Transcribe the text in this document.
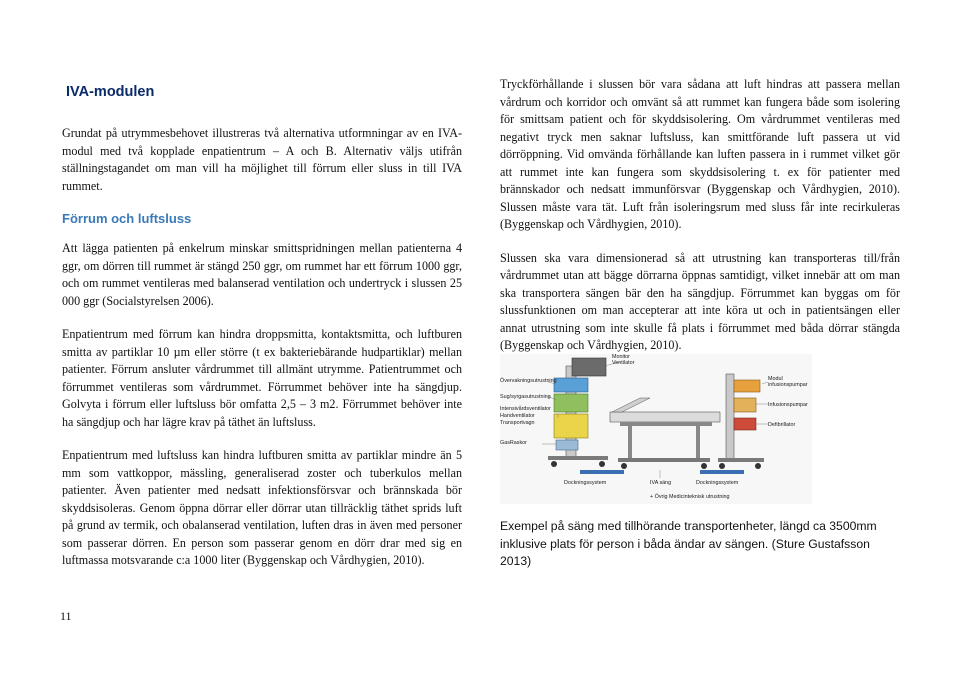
IVA-modulen

Grundat på utrymmesbehovet illustreras två alternativa utformningar av en IVA-modul med två kopplade enpatientrum – A och B. Alternativ väljs utifrån ställningstagandet om man vill ha möjlighet till förrum eller sluss in till IVA rummet.

Förrum och luftsluss

Att lägga patienten på enkelrum minskar smittspridningen mellan patienterna 4 ggr, om dörren till rummet är stängd 250 ggr, om rummet har ett förrum 1000 ggr, och om rummet ventileras med balanserad ventilation och undertryck i slussen 25 000 ggr (Socialstyrelsen 2006).

Enpatientrum med förrum kan hindra droppsmitta, kontaktsmitta, och luftburen smitta av partiklar 10 µm eller större (t ex bakteriebärande hudpartiklar) mellan patienter. Förrum ansluter vårdrummet till allmänt utrymme. Patientrummet och förrummet ventileras som vårdrummet. Förrummet behöver inte ha sängdjup. Golvyta i förrum eller luftsluss bör omfatta 2,5 – 3 m2. Förrummet behöver inte ha sängdjup och har lägre krav på täthet än luftsluss.

Enpatientrum med luftsluss kan hindra luftburen smitta av partiklar mindre än 5 mm som vattkoppor, mässling, generaliserad zoster och tuberkulos mellan patienter. Även patienter med nedsatt infektionsförsvar och brännskada bör skyddsisoleras. Genom öppna dörrar eller dörrar utan tillräcklig täthet sprids luft på grund av termik, och obalanserad ventilation, luften dras in även med personer som passerar dörren. En person som passerar genom en dörr drar med sig en luftmassa motsvarande c:a 1000 liter (Byggenskap och Vårdhygien, 2010).

Tryckförhållande i slussen bör vara sådana att luft hindras att passera mellan vårdrum och korridor och omvänt så att rummet kan fungera både som isolering för smittsam patient och för skyddsisolering. Om vårdrummet ventileras med negativt tryck men saknar luftsluss, kan smittförande luft passera ut vid dörröppning. Vid omvända förhållande kan luften passera in i rummet vilket gör att rummet inte kan fungera som skyddsisolering t. ex för patienter med brännskador och nedsatt immunförsvar (Byggenskap och Vårdhygien, 2010). Slussen måste vara tät. Luft från isoleringsrum med sluss får inte recirkuleras (Byggenskap och Vårdhygien, 2010).

Slussen ska vara dimensionerad så att utrustning kan transporteras till/från vårdrummet utan att bägge dörrarna öppnas samtidigt, vilket innebär att om man ska transportera sängen bär den ha sängdjup. Förrummet kan byggas om för slussfunktionen om man accepterar att inte köra ut och in patientsängen eller annat utrustning som inte skulle få plats i förrummet med båda dörrar stängda (Byggenskap och Vårdhygien, 2010).

Monitor
Ventilator
Övervakningsutrustning
Sug/syrgasutrustning
Intensivårdsventilator
Handventilator
Transportvagn
GasRaskor
Modul
infusionspumpar
Infusionspumpar
Defibrillator
Dockningssystem	IVA säng	Dockningssystem
+ Övrig Medicinteknisk utrustning

Exempel på säng med tillhörande transportenheter, längd ca 3500mm inklusive plats för person i båda ändar av sängen. (Sture Gustafsson 2013)

11
